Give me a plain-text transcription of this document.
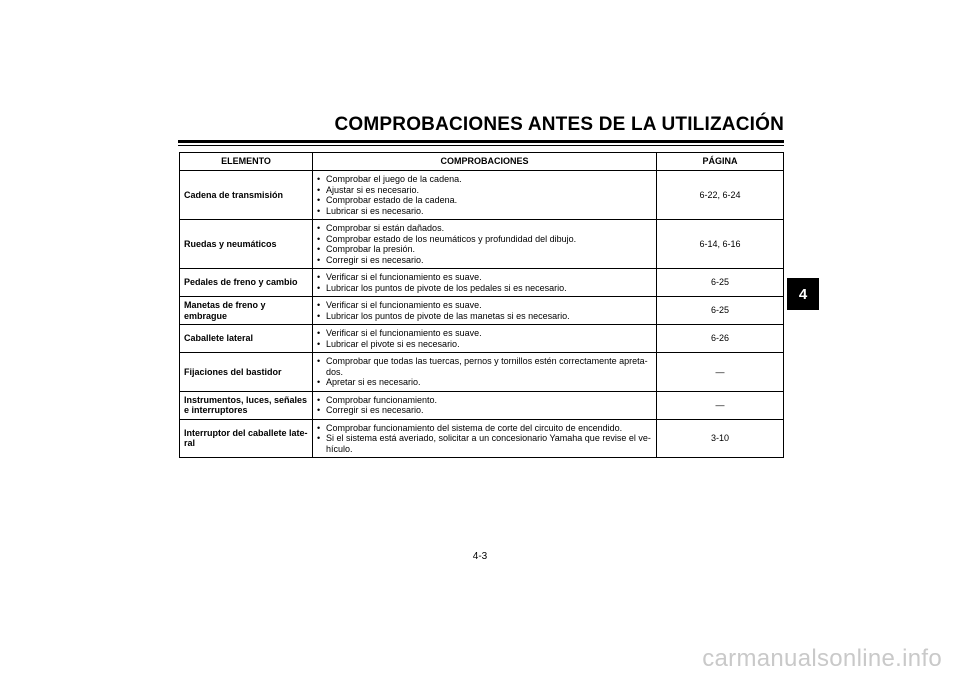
COMPROBACIONES ANTES DE LA UTILIZACIÓN
4
ELEMENTO	COMPROBACIONES	PÁGINA
Cadena de transmisión	• Comprobar el juego de la cadena.
• Ajustar si es necesario.
• Comprobar estado de la cadena.
• Lubricar si es necesario.	6-22, 6-24
Ruedas y neumáticos	• Comprobar si están dañados.
• Comprobar estado de los neumáticos y profundidad del dibujo.
• Comprobar la presión.
• Corregir si es necesario.	6-14, 6-16
Pedales de freno y cambio	• Verificar si el funcionamiento es suave.
• Lubricar los puntos de pivote de los pedales si es necesario.	6-25
Manetas de freno y embrague	• Verificar si el funcionamiento es suave.
• Lubricar los puntos de pivote de las manetas si es necesario.	6-25
Caballete lateral	• Verificar si el funcionamiento es suave.
• Lubricar el pivote si es necesario.	6-26
Fijaciones del bastidor	• Comprobar que todas las tuercas, pernos y tornillos estén correctamente apreta-dos.
• Apretar si es necesario.	—
Instrumentos, luces, señales e interruptores	• Comprobar funcionamiento.
• Corregir si es necesario.	—
Interruptor del caballete late-ral	• Comprobar funcionamiento del sistema de corte del circuito de encendido.
• Si el sistema está averiado, solicitar a un concesionario Yamaha que revise el ve-hículo.	3-10
4-3
carmanualsonline.info
